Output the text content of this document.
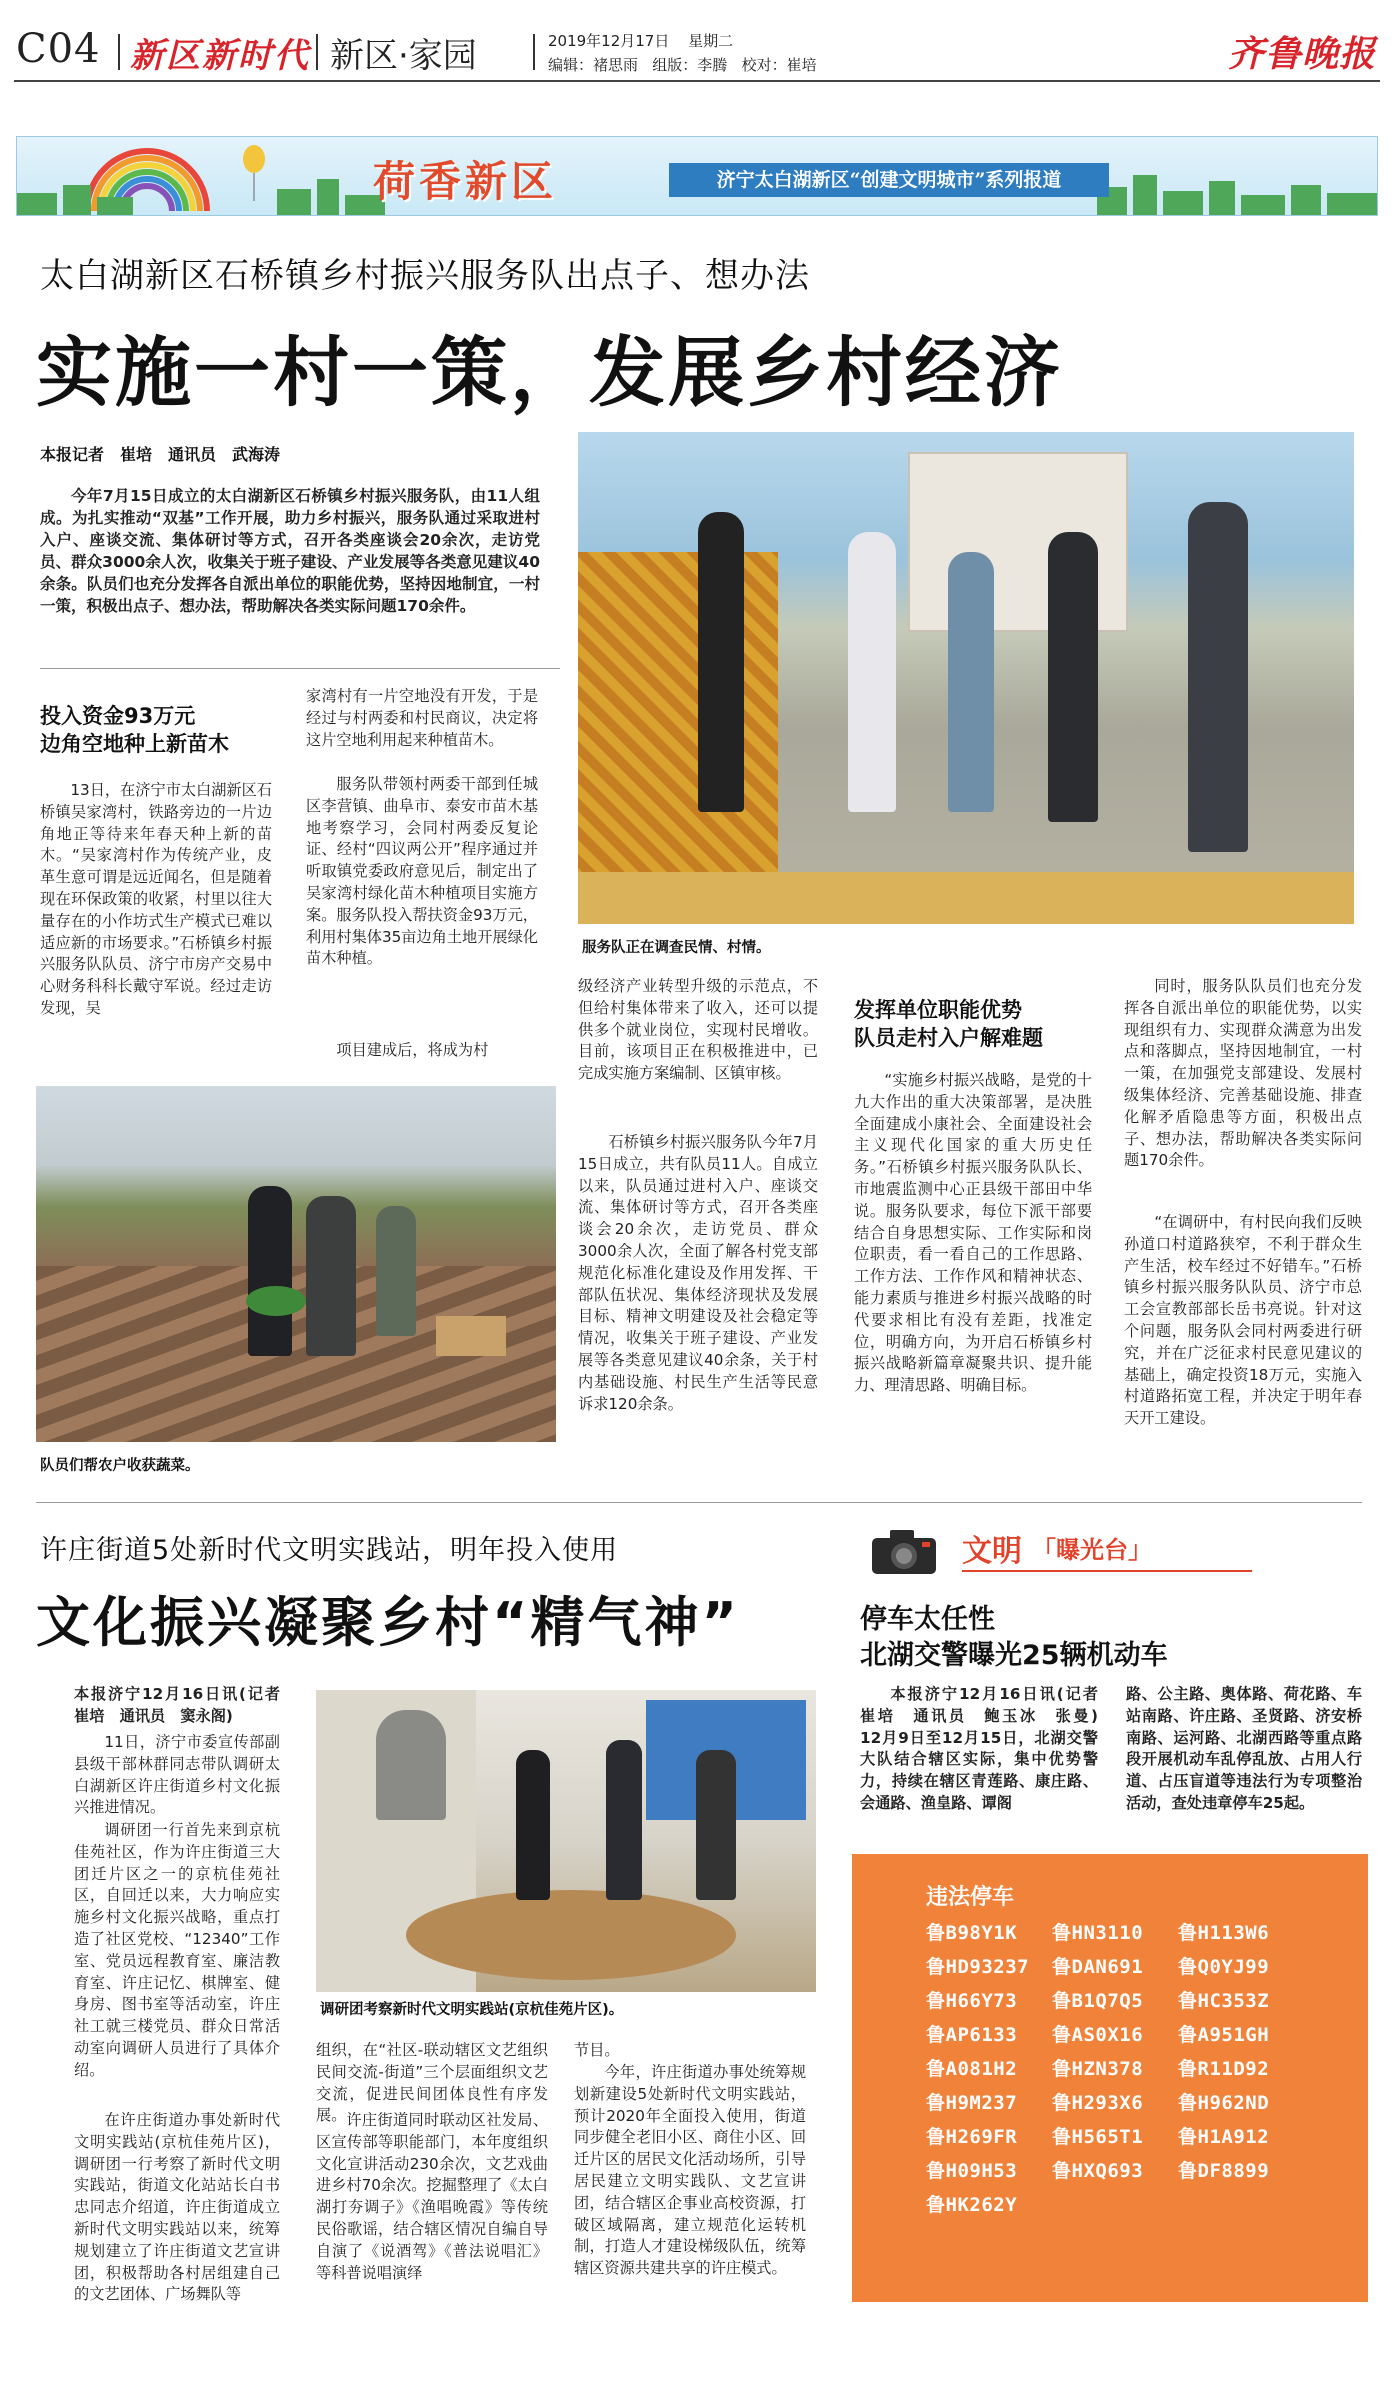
C04 新区新时代 新区·家园	2019年12月17日 星期二
编辑：褚思雨   组版：李腾   校对：崔培	齐鲁晚报
荷香新区	济宁太白湖新区“创建文明城市”系列报道
太白湖新区石桥镇乡村振兴服务队出点子、想办法
实施一村一策，发展乡村经济
本报记者　崔培　通讯员　武海涛
今年7月15日成立的太白湖新区石桥镇乡村振兴服务队，由11人组成。为扎实推动“双基”工作开展，助力乡村振兴，服务队通过采取进村入户、座谈交流、集体研讨等方式，召开各类座谈会20余次，走访党员、群众3000余人次，收集关于班子建设、产业发展等各类意见建议40余条。队员们也充分发挥各自派出单位的职能优势，坚持因地制宜，一村一策，积极出点子、想办法，帮助解决各类实际问题170余件。
服务队正在调查民情、村情。
投入资金93万元
边角空地种上新苗木
13日，在济宁市太白湖新区石桥镇吴家湾村，铁路旁边的一片边角地正等待来年春天种上新的苗木。“吴家湾村作为传统产业，皮革生意可谓是远近闻名，但是随着现在环保政策的收紧，村里以往大量存在的小作坊式生产模式已难以适应新的市场要求。”石桥镇乡村振兴服务队队员、济宁市房产交易中心财务科科长戴守军说。经过走访发现，吴
家湾村有一片空地没有开发，于是经过与村两委和村民商议，决定将这片空地利用起来种植苗木。
服务队带领村两委干部到任城区李营镇、曲阜市、泰安市苗木基地考察学习，会同村两委反复论证、经村“四议两公开”程序通过并听取镇党委政府意见后，制定出了吴家湾村绿化苗木种植项目实施方案。服务队投入帮扶资金93万元，利用村集体35亩边角土地开展绿化苗木种植。
项目建成后，将成为村
队员们帮农户收获蔬菜。
级经济产业转型升级的示范点，不但给村集体带来了收入，还可以提供多个就业岗位，实现村民增收。目前，该项目正在积极推进中，已完成实施方案编制、区镇审核。
石桥镇乡村振兴服务队今年7月15日成立，共有队员11人。自成立以来，队员通过进村入户、座谈交流、集体研讨等方式，召开各类座谈会20余次，走访党员、群众3000余人次，全面了解各村党支部规范化标准化建设及作用发挥、干部队伍状况、集体经济现状及发展目标、精神文明建设及社会稳定等情况，收集关于班子建设、产业发展等各类意见建议40余条，关于村内基础设施、村民生产生活等民意诉求120余条。
发挥单位职能优势
队员走村入户解难题
“实施乡村振兴战略，是党的十九大作出的重大决策部署，是决胜全面建成小康社会、全面建设社会主义现代化国家的重大历史任务。”石桥镇乡村振兴服务队队长、市地震监测中心正县级干部田中华说。服务队要求，每位下派干部要结合自身思想实际、工作实际和岗位职责，看一看自己的工作思路、工作方法、工作作风和精神状态、能力素质与推进乡村振兴战略的时代要求相比有没有差距，找准定位，明确方向，为开启石桥镇乡村振兴战略新篇章凝聚共识、提升能力、理清思路、明确目标。
同时，服务队队员们也充分发挥各自派出单位的职能优势，以实现组织有力、实现群众满意为出发点和落脚点，坚持因地制宜，一村一策，在加强党支部建设、发展村级集体经济、完善基础设施、排查化解矛盾隐患等方面，积极出点子、想办法，帮助解决各类实际问题170余件。
“在调研中，有村民向我们反映孙道口村道路狭窄，不利于群众生产生活，校车经过不好错车。”石桥镇乡村振兴服务队队员、济宁市总工会宣教部部长岳书亮说。针对这个问题，服务队会同村两委进行研究，并在广泛征求村民意见建议的基础上，确定投资18万元，实施入村道路拓宽工程，并决定于明年春天开工建设。
许庄街道5处新时代文明实践站，明年投入使用
文化振兴凝聚乡村“精气神”
本报济宁12月16日讯(记者　崔培　通讯员　窦永阁)
11日，济宁市委宣传部副县级干部林群同志带队调研太白湖新区许庄街道乡村文化振兴推进情况。
调研团一行首先来到京杭佳苑社区，作为许庄街道三大团迁片区之一的京杭佳苑社区，自回迁以来，大力响应实施乡村文化振兴战略，重点打造了社区党校、“12340”工作室、党员远程教育室、廉洁教育室、许庄记忆、棋牌室、健身房、图书室等活动室，许庄社工就三楼党员、群众日常活动室向调研人员进行了具体介绍。
在许庄街道办事处新时代文明实践站(京杭佳苑片区)，调研团一行考察了新时代文明实践站，街道文化站站长白书忠同志介绍道，许庄街道成立新时代文明实践站以来，统筹规划建立了许庄街道文艺宣讲团，积极帮助各村居组建自己的文艺团体、广场舞队等
调研团考察新时代文明实践站(京杭佳苑片区)。
组织，在“社区-联动辖区文艺组织民间交流-街道”三个层面组织文艺交流，促进民间团体良性有序发展。 许庄街道同时联动区社发局、区宣传部等职能部门，本年度组织文化宣讲活动230余次，文艺戏曲进乡村70余次。挖掘整理了《太白湖打夯调子》《渔唱晚霞》等传统民俗歌谣，结合辖区情况自编自导自演了《说酒驾》《普法说唱汇》等科普说唱演绎
节目。
今年，许庄街道办事处统筹规划新建设5处新时代文明实践站，预计2020年全面投入使用，街道同步健全老旧小区、商住小区、回迁片区的居民文化活动场所，引导居民建立文明实践队、文艺宣讲团，结合辖区企事业高校资源，打破区域隔离，建立规范化运转机制，打造人才建设梯级队伍，统筹辖区资源共建共享的许庄模式。
文明 「曝光台」
停车太任性
北湖交警曝光25辆机动车
本报济宁12月16日讯(记者　崔培　通讯员　鲍玉冰　张曼)　12月9日至12月15日，北湖交警大队结合辖区实际，集中优势警力，持续在辖区青莲路、康庄路、会通路、渔皇路、谭阁
路、公主路、奥体路、荷花路、车站南路、许庄路、圣贤路、济安桥南路、运河路、北湖西路等重点路段开展机动车乱停乱放、占用人行道、占压盲道等违法行为专项整治活动，查处违章停车25起。
违法停车
鲁B98Y1K 鲁HN3110 鲁H113W6
鲁HD93237 鲁DAN691 鲁Q0YJ99
鲁H66Y73 鲁B1Q7Q5 鲁HC353Z
鲁AP6133 鲁AS0X16 鲁A951GH
鲁A081H2 鲁HZN378 鲁R11D92
鲁H9M237 鲁H293X6 鲁H962ND
鲁H269FR 鲁H565T1 鲁H1A912
鲁H09H53 鲁HXQ693 鲁DF8899
鲁HK262Y
